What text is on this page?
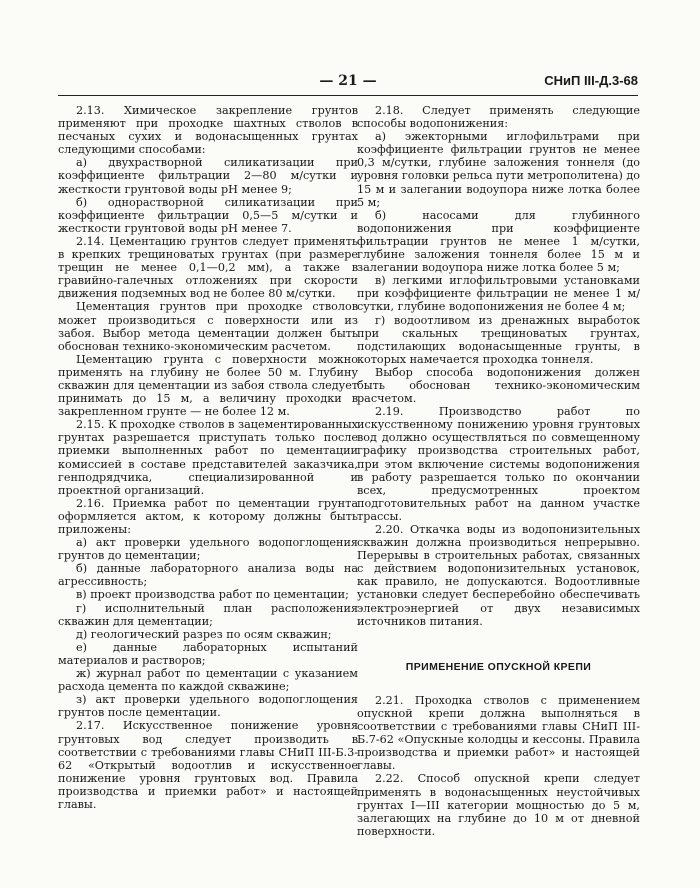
— 21 —	СНиП III-Д.3-68

2.13. Химическое закрепление грунтов применяют при проходке шахтных стволов в песчаных сухих и водонасыщенных грунтах следующими способами:

а) двухрастворной силикатизации при коэффициенте фильтрации 2—80 м/сутки и жесткости грунтовой воды pH менее 9;

б) однорастворной силикатизации при коэффициенте фильтрации 0,5—5 м/сутки и жесткости грунтовой воды pH менее 7.

2.14. Цементацию грунтов следует применять в крепких трещиноватых грунтах (при размере трещин не менее 0,1—0,2 мм), а также в гравийно-галечных отложениях при скорости движения подземных вод не более 80 м/сутки.

Цементация грунтов при проходке стволов может производиться с поверхности или из забоя. Выбор метода цементации должен быть обоснован технико-экономическим расчетом.

Цементацию грунта с поверхности можно применять на глубину не более 50 м. Глубину скважин для цементации из забоя ствола следует принимать до 15 м, а величину проходки в закрепленном грунте — не более 12 м.

2.15. К проходке стволов в зацементированных грунтах разрешается приступать только после приемки выполненных работ по цементации комиссией в составе представителей заказчика, генподрядчика, специализированной и проектной организаций.

2.16. Приемка работ по цементации грунта оформляется актом, к которому должны быть приложены:

а) акт проверки удельного водопоглощения грунтов до цементации;

б) данные лабораторного анализа воды на агрессивность;

в) проект производства работ по цементации;

г) исполнительный план расположения скважин для цементации;

д) геологический разрез по осям скважин;

е) данные лабораторных испытаний материалов и растворов;

ж) журнал работ по цементации с указанием расхода цемента по каждой скважине;

з) акт проверки удельного водопоглощения грунтов после цементации.

2.17. Искусственное понижение уровня грунтовых вод следует производить в соответствии с требованиями главы СНиП III-Б.3-62 «Открытый водоотлив и искусственное понижение уровня грунтовых вод. Правила производства и приемки работ» и настоящей главы.

2.18. Следует применять следующие способы водопонижения:

а) эжекторными иглофильтрами при коэффициенте фильтрации грунтов не менее 0,3 м/сутки, глубине заложения тоннеля (до уровня головки рельса пути метрополитена) до 15 м и залегании водоупора ниже лотка более 5 м;

б) насосами для глубинного водопонижения при коэффициенте фильтрации грунтов не менее 1 м/сутки, глубине заложения тоннеля более 15 м и залегании водоупора ниже лотка более 5 м;

в) легкими иглофильтровыми установками при коэффициенте фильтрации не менее 1 м/сутки, глубине водопонижения не более 4 м;

г) водоотливом из дренажных выработок при скальных трещиноватых грунтах, подстилающих водонасыщенные грунты, в которых намечается проходка тоннеля.

Выбор способа водопонижения должен быть обоснован технико-экономическим расчетом.

2.19. Производство работ по искусственному понижению уровня грунтовых вод должно осуществляться по совмещенному графику производства строительных работ, при этом включение системы водопонижения в работу разрешается только по окончании всех, предусмотренных проектом подготовительных работ на данном участке трассы.

2.20. Откачка воды из водопонизительных скважин должна производиться непрерывно. Перерывы в строительных работах, связанных с действием водопонизительных установок, как правило, не допускаются. Водоотливные установки следует бесперебойно обеспечивать электроэнергией от двух независимых источников питания.

ПРИМЕНЕНИЕ ОПУСКНОЙ КРЕПИ

2.21. Проходка стволов с применением опускной крепи должна выполняться в соответствии с требованиями главы СНиП III-Б.7-62 «Опускные колодцы и кессоны. Правила производства и приемки работ» и настоящей главы.

2.22. Способ опускной крепи следует применять в водонасыщенных неустойчивых грунтах I—III категории мощностью до 5 м, залегающих на глубине до 10 м от дневной поверхности.
